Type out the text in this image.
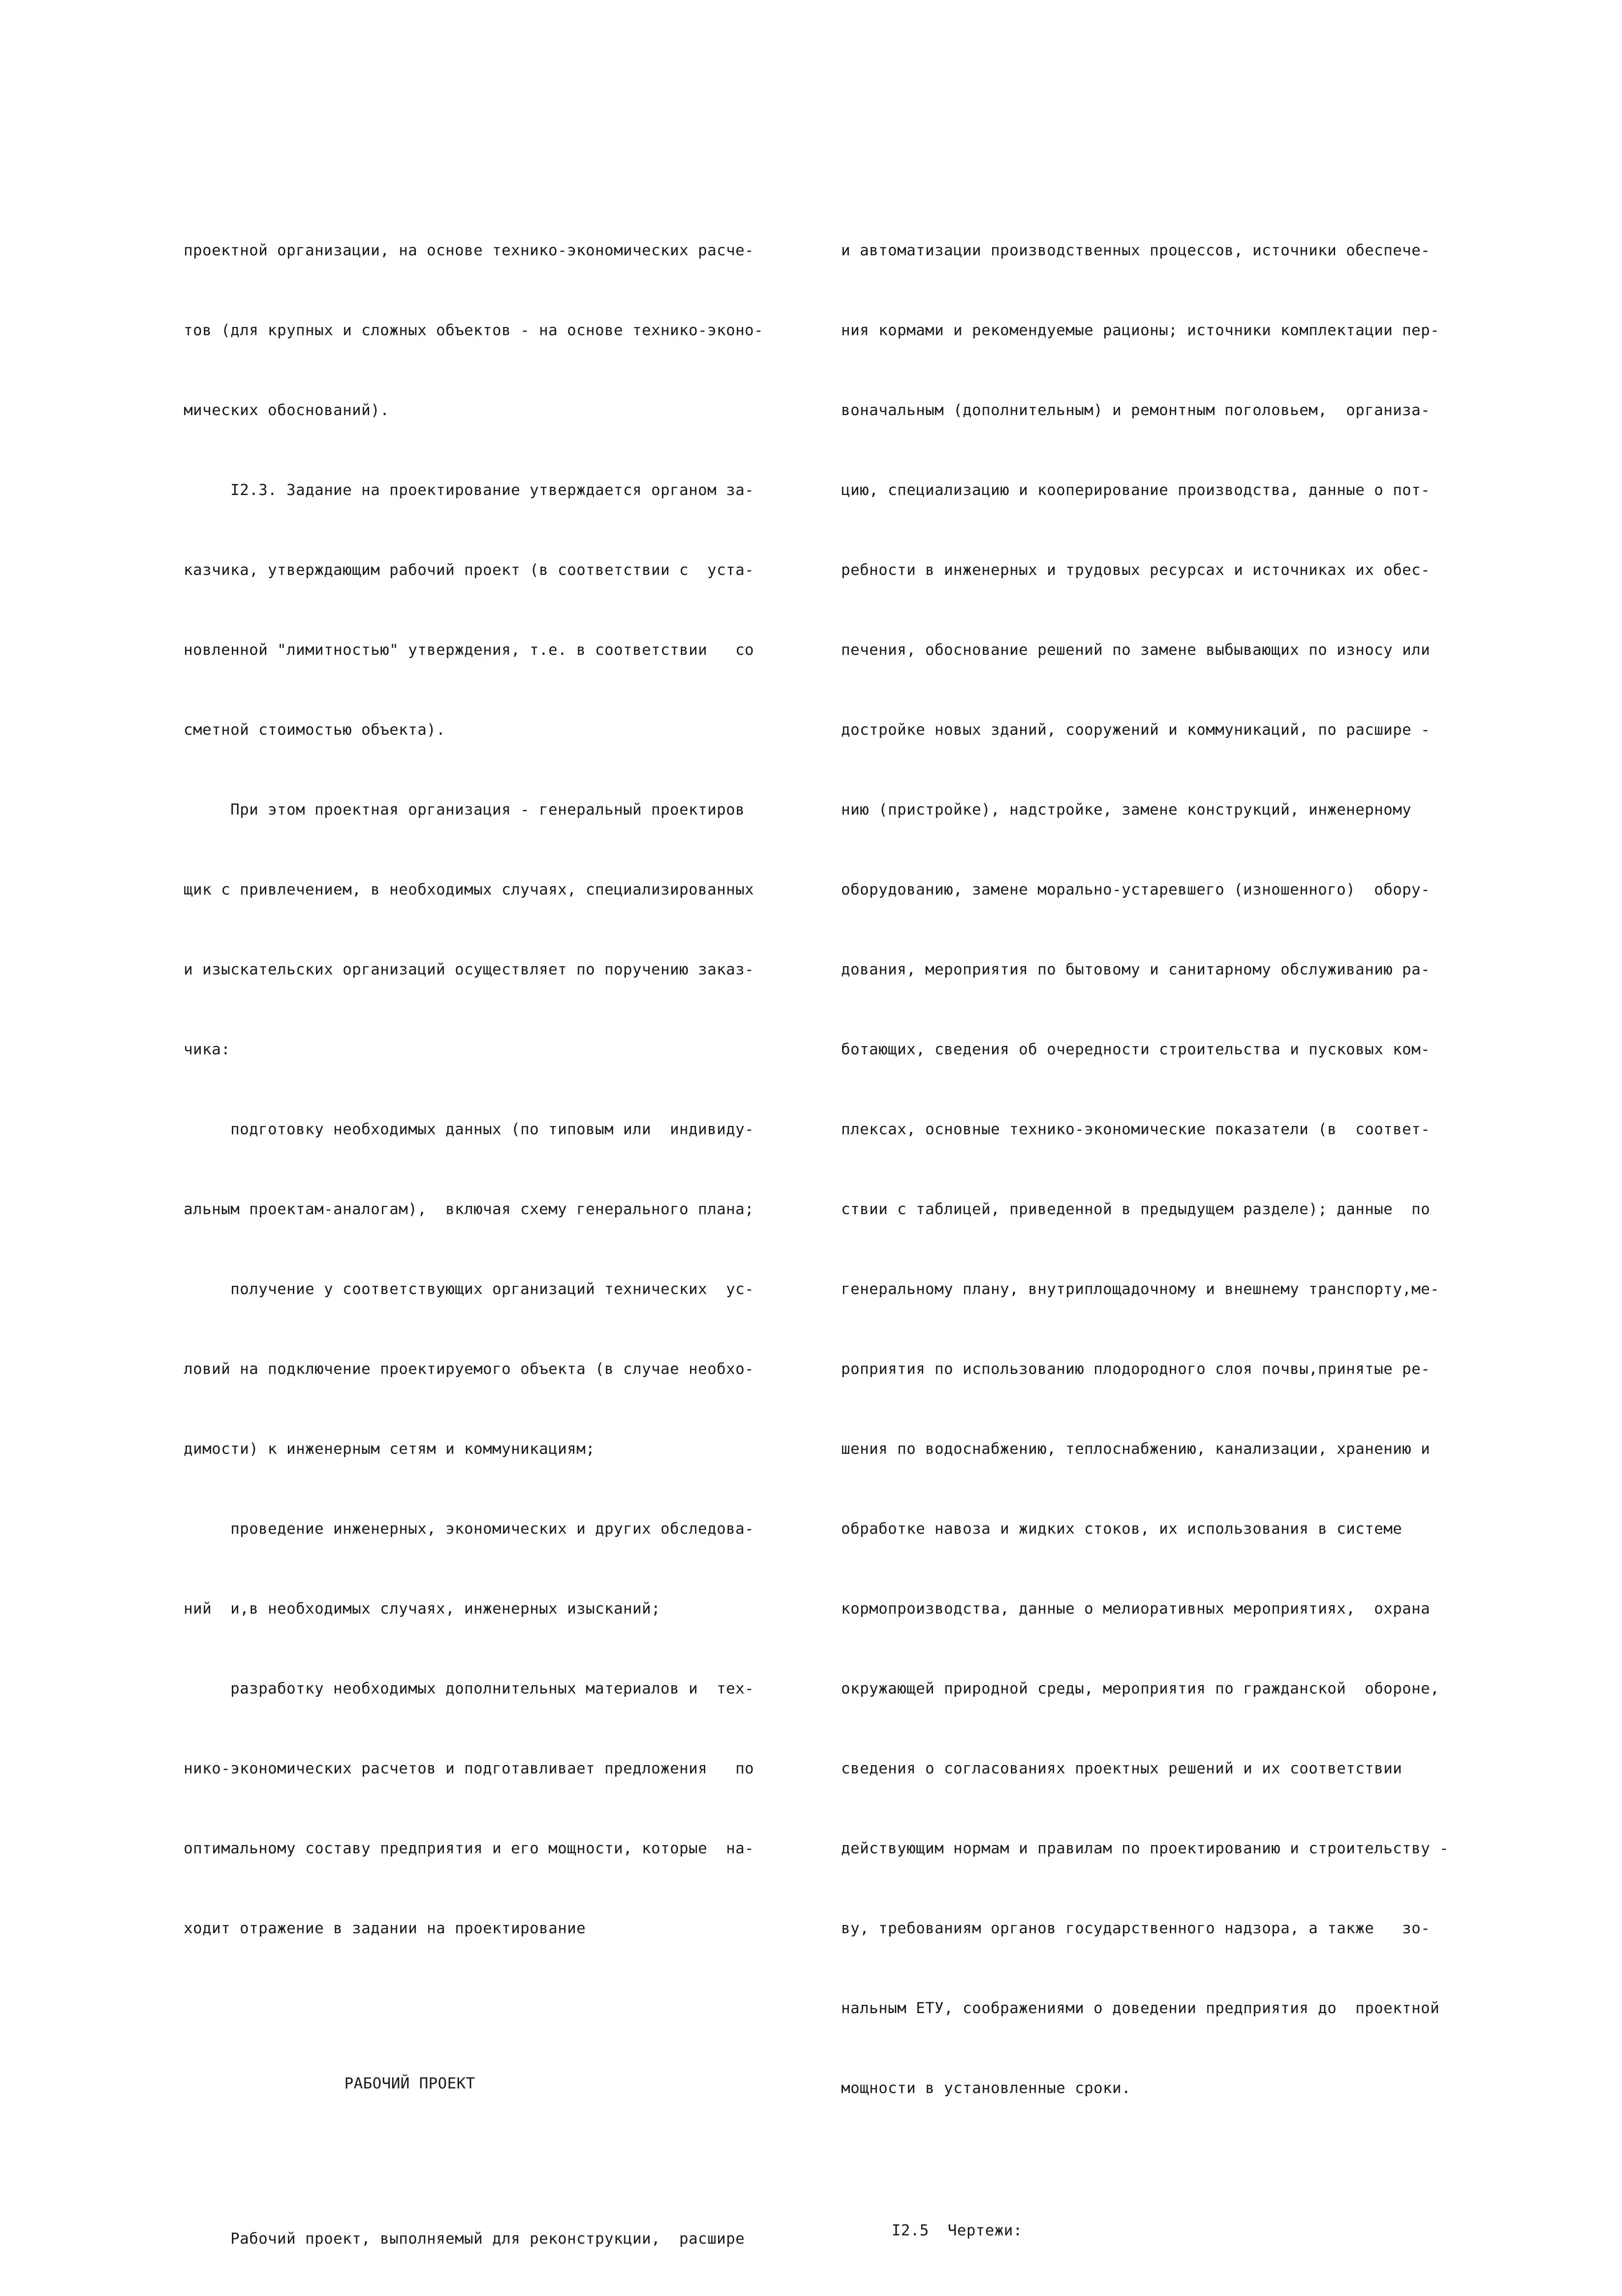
проектной организации, на основе технико-экономических расче-

тов (для крупных и сложных объектов - на основе технико-эконо-

мических обоснований).

I2.3. Задание на проектирование утверждается органом за-

казчика, утверждающим рабочий проект (в соответствии с  уста-

новленной "лимитностью" утверждения, т.е. в соответствии   со

сметной стоимостью объекта).

При этом проектная организация - генеральный проектиров

щик с привлечением, в необходимых случаях, специализированных

и изыскательских организаций осуществляет по поручению заказ-

чика:

подготовку необходимых данных (по типовым или  индивиду-

альным проектам-аналогам),  включая схему генерального плана;

получение у соответствующих организаций технических  ус-

ловий на подключение проектируемого объекта (в случае необхо-

димости) к инженерным сетям и коммуникациям;

проведение инженерных, экономических и других обследова-

ний  и,в необходимых случаях, инженерных изысканий;

разработку необходимых дополнительных материалов и  тех-

нико-экономических расчетов и подготавливает предложения   по

оптимальному составу предприятия и его мощности, которые  на-

ходит отражение в задании на проектирование

РАБОЧИЙ ПРОЕКТ

Рабочий проект, выполняемый для реконструкции,  расшире

и автоматизации производственных процессов, источники обеспече-

ния кормами и рекомендуемые рационы; источники комплектации пер-

воначальным (дополнительным) и ремонтным поголовьем,  организа-

цию, специализацию и кооперирование производства, данные о пот-

ребности в инженерных и трудовых ресурсах и источниках их обес-

печения, обоснование решений по замене выбывающих по износу или

достройке новых зданий, сооружений и коммуникаций, по расшире -

нию (пристройке), надстройке, замене конструкций, инженерному

оборудованию, замене морально-устаревшего (изношенного)  обору-

дования, мероприятия по бытовому и санитарному обслуживанию ра-

ботающих, сведения об очередности строительства и пусковых ком-

плексах, основные технико-экономические показатели (в  соответ-

ствии с таблицей, приведенной в предыдущем разделе); данные  по

генеральному плану, внутриплощадочному и внешнему транспорту,ме-

роприятия по использованию плодородного слоя почвы,принятые ре-

шения по водоснабжению, теплоснабжению, канализации, хранению и

обработке навоза и жидких стоков, их использования в системе

кормопроизводства, данные о мелиоративных мероприятиях,  охрана

окружающей природной среды, мероприятия по гражданской  обороне,

сведения о согласованиях проектных решений и их соответствии

действующим нормам и правилам по проектированию и строительству -

ву, требованиям органов государственного надзора, а также   зо-

нальным ЕТУ, соображениями о доведении предприятия до  проектной

мощности в установленные сроки.

I2.5  Чертежи:
